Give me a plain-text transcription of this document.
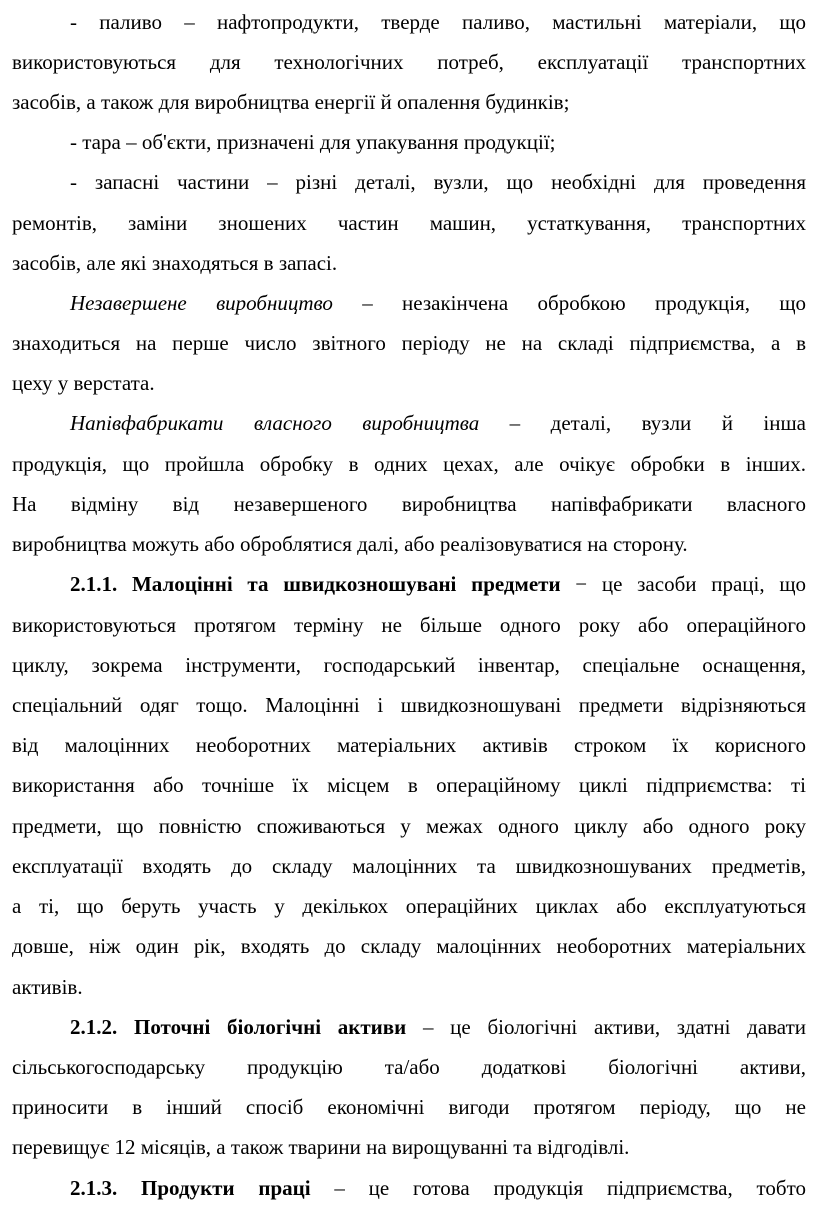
- паливо – нафтопродукти, тверде паливо, мастильні матеріали, що
використовуються для технологічних потреб, експлуатації транспортних
засобів, а також для виробництва енергії й опалення будинків;
- тара – об'єкти, призначені для упакування продукції;
- запасні частини – різні деталі, вузли, що необхідні для проведення
ремонтів, заміни зношених частин машин, устаткування, транспортних
засобів, але які знаходяться в запасі.
Незавершене виробництво – незакінчена обробкою продукція, що
знаходиться на перше число звітного періоду не на складі підприємства, а в
цеху у верстата.
Напівфабрикати власного виробництва – деталі, вузли й інша
продукція, що пройшла обробку в одних цехах, але очікує обробки в інших.
На відміну від незавершеного виробництва напівфабрикати власного
виробництва можуть або оброблятися далі, або реалізовуватися на сторону.
2.1.1. Малоцінні та швидкозношувані предмети − це засоби праці, що
використовуються протягом терміну не більше одного року або операційного
циклу, зокрема інструменти, господарський інвентар, спеціальне оснащення,
спеціальний одяг тощо. Малоцінні і швидкозношувані предмети відрізняються
від малоцінних необоротних матеріальних активів строком їх корисного
використання або точніше їх місцем в операційному циклі підприємства: ті
предмети, що повністю споживаються у межах одного циклу або одного року
експлуатації входять до складу малоцінних та швидкозношуваних предметів,
а ті, що беруть участь у декількох операційних циклах або експлуатуються
довше, ніж один рік, входять до складу малоцінних необоротних матеріальних
активів.
2.1.2. Поточні біологічні активи – це біологічні активи, здатні давати
сільськогосподарську продукцію та/або додаткові біологічні активи,
приносити в інший спосіб економічні вигоди протягом періоду, що не
перевищує 12 місяців, а також тварини на вирощуванні та відгодівлі.
2.1.3. Продукти праці – це готова продукція підприємства, тобто
